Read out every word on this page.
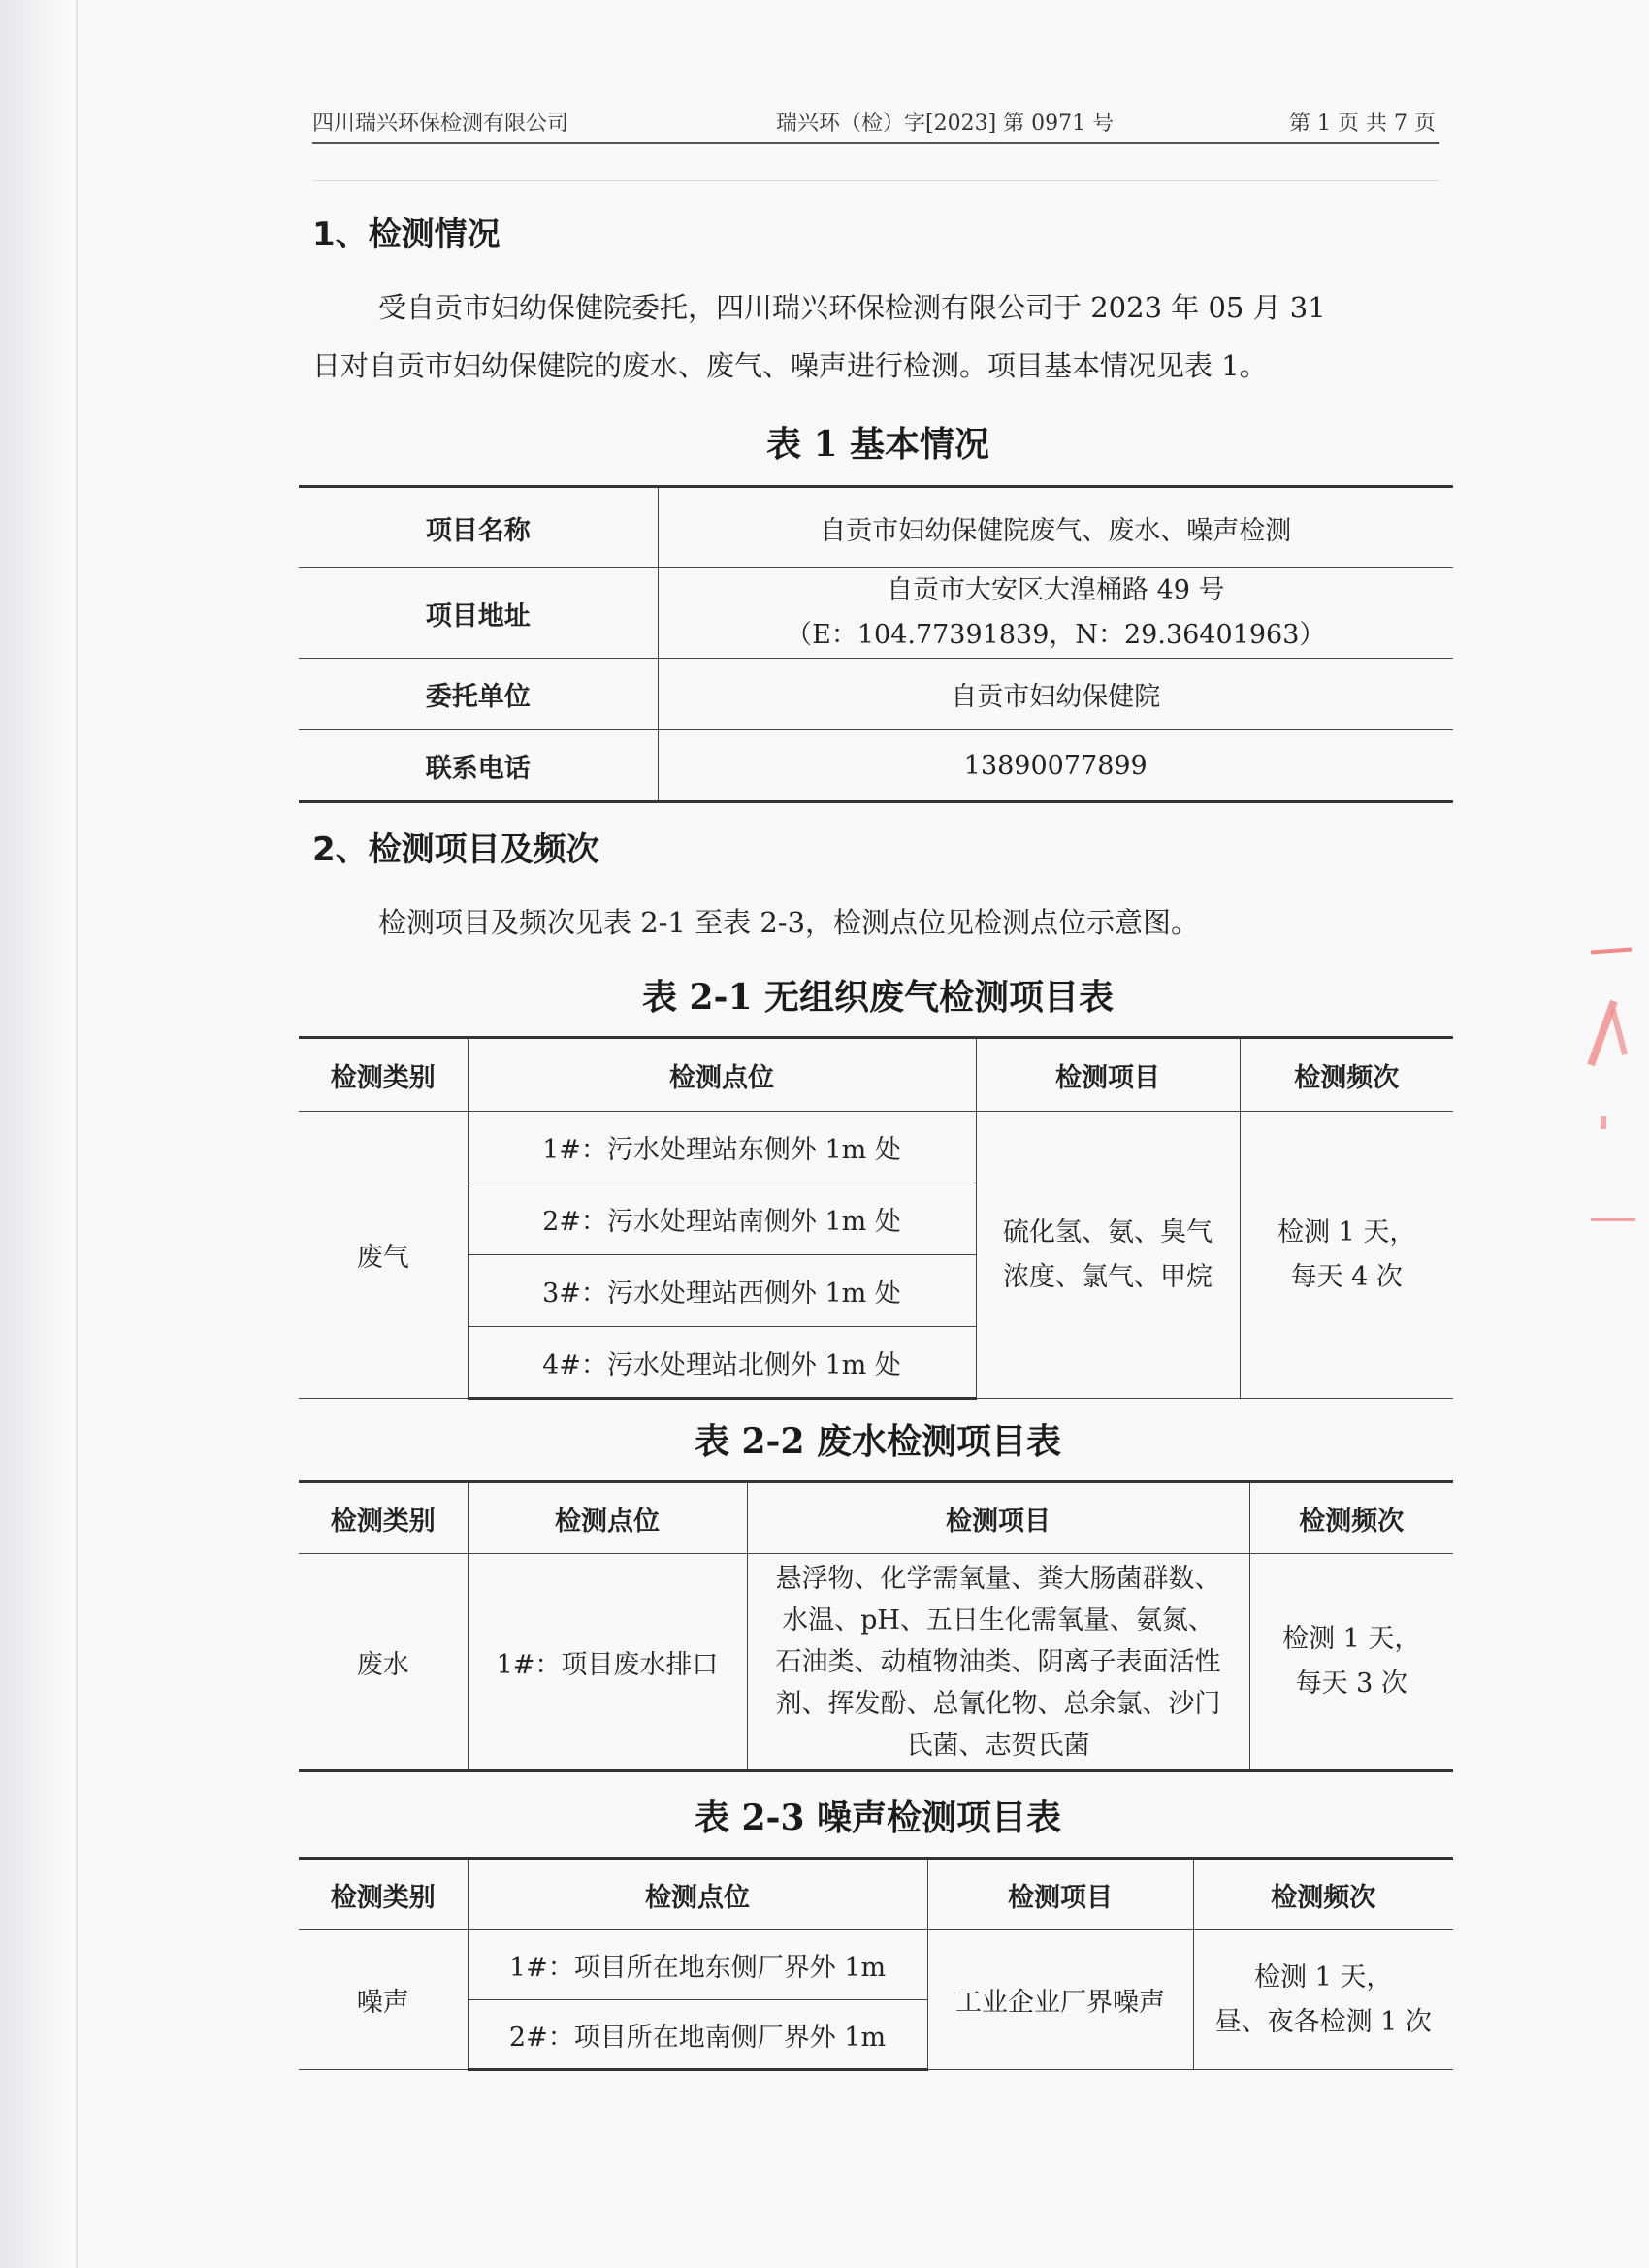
四川瑞兴环保检测有限公司	瑞兴环（检）字[2023] 第 0971 号	第 1 页 共 7 页
1、检测情况

受自贡市妇幼保健院委托，四川瑞兴环保检测有限公司于 2023 年 05 月 31

日对自贡市妇幼保健院的废水、废气、噪声进行检测。项目基本情况见表 1。

表 1 基本情况

项目名称	自贡市妇幼保健院废气、废水、噪声检测
项目地址	自贡市大安区大湟桶路 49 号
（E：104.77391839，N：29.36401963）

委托单位	自贡市妇幼保健院
联系电话	13890077899
2、检测项目及频次

检测项目及频次见表 2-1 至表 2-3，检测点位见检测点位示意图。

表 2-1 无组织废气检测项目表

检测类别	检测点位	检测项目	检测频次
废气	1#：污水处理站东侧外 1m 处	硫化氢、氨、臭气
浓度、氯气、甲烷	检测 1 天，
每天 4 次

	2#：污水处理站南侧外 1m 处		
	3#：污水处理站西侧外 1m 处		
	4#：污水处理站北侧外 1m 处		

表 2-2 废水检测项目表

检测类别	检测点位	检测项目	检测频次
废水	1#：项目废水排口	悬浮物、化学需氧量、粪大肠菌群数、
水温、pH、五日生化需氧量、氨氮、
石油类、动植物油类、阴离子表面活性
剂、挥发酚、总氰化物、总余氯、沙门
氏菌、志贺氏菌	检测 1 天，
每天 3 次

表 2-3 噪声检测项目表

检测类别	检测点位	检测项目	检测频次
噪声	1#：项目所在地东侧厂界外 1m	工业企业厂界噪声	检测 1 天，
昼、夜各检测 1 次

	2#：项目所在地南侧厂界外 1m		
